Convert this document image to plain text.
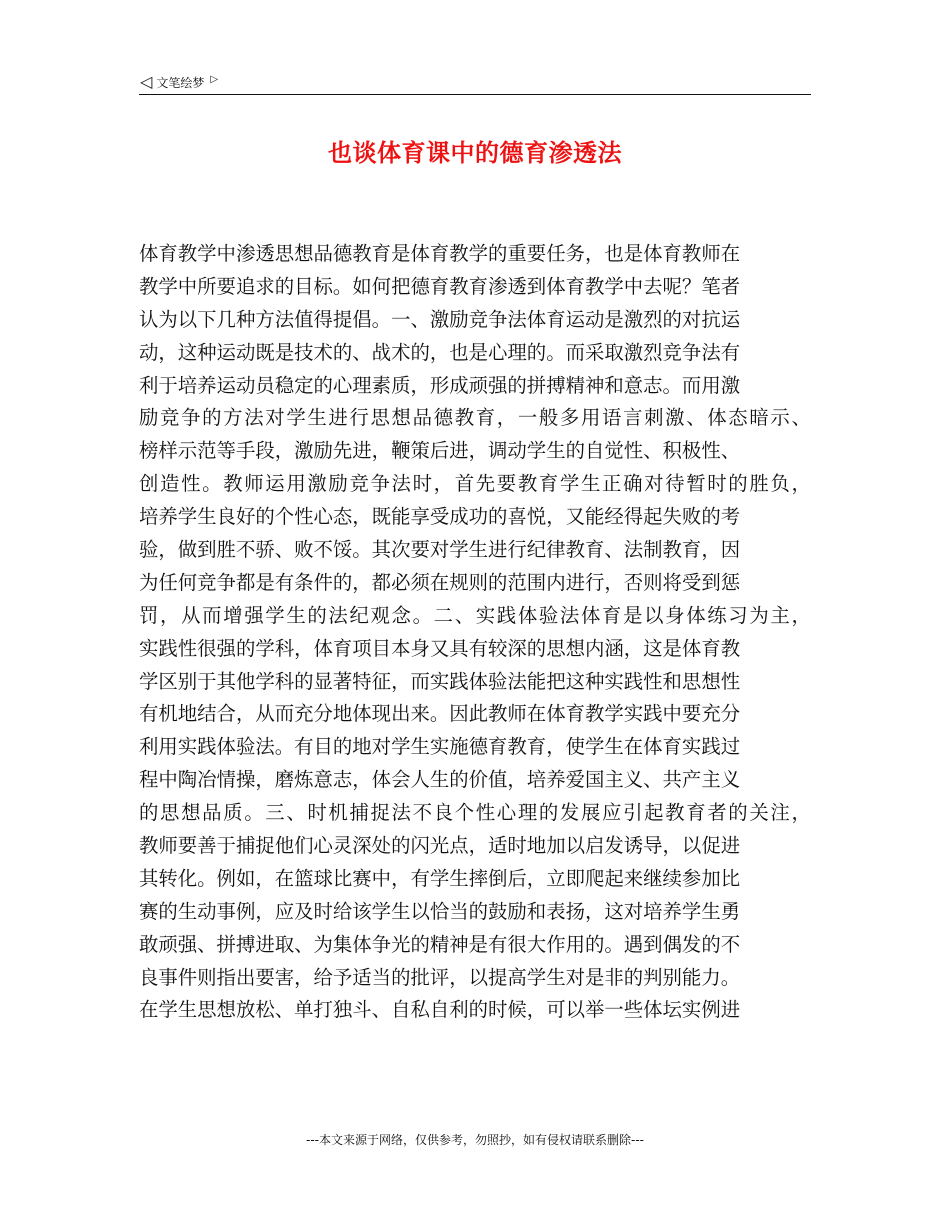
◁ 文笔绘梦 ▷
也谈体育课中的德育渗透法
体育教学中渗透思想品德教育是体育教学的重要任务，也是体育教师在
教学中所要追求的目标。如何把德育教育渗透到体育教学中去呢？笔者
认为以下几种方法值得提倡。一、激励竞争法体育运动是激烈的对抗运
动，这种运动既是技术的、战术的，也是心理的。而采取激烈竞争法有
利于培养运动员稳定的心理素质，形成顽强的拼搏精神和意志。而用激
励竞争的方法对学生进行思想品德教育，一般多用语言刺激、体态暗示、
榜样示范等手段，激励先进，鞭策后进，调动学生的自觉性、积极性、
创造性。教师运用激励竞争法时，首先要教育学生正确对待暂时的胜负，
培养学生良好的个性心态，既能享受成功的喜悦，又能经得起失败的考
验，做到胜不骄、败不馁。其次要对学生进行纪律教育、法制教育，因
为任何竞争都是有条件的，都必须在规则的范围内进行，否则将受到惩
罚，从而增强学生的法纪观念。二、实践体验法体育是以身体练习为主，
实践性很强的学科，体育项目本身又具有较深的思想内涵，这是体育教
学区别于其他学科的显著特征，而实践体验法能把这种实践性和思想性
有机地结合，从而充分地体现出来。因此教师在体育教学实践中要充分
利用实践体验法。有目的地对学生实施德育教育，使学生在体育实践过
程中陶冶情操，磨炼意志，体会人生的价值，培养爱国主义、共产主义
的思想品质。三、时机捕捉法不良个性心理的发展应引起教育者的关注，
教师要善于捕捉他们心灵深处的闪光点，适时地加以启发诱导，以促进
其转化。例如，在篮球比赛中，有学生摔倒后，立即爬起来继续参加比
赛的生动事例，应及时给该学生以恰当的鼓励和表扬，这对培养学生勇
敢顽强、拼搏进取、为集体争光的精神是有很大作用的。遇到偶发的不
良事件则指出要害，给予适当的批评，以提高学生对是非的判别能力。
在学生思想放松、单打独斗、自私自利的时候，可以举一些体坛实例进
---本文来源于网络，仅供参考，勿照抄，如有侵权请联系删除---
